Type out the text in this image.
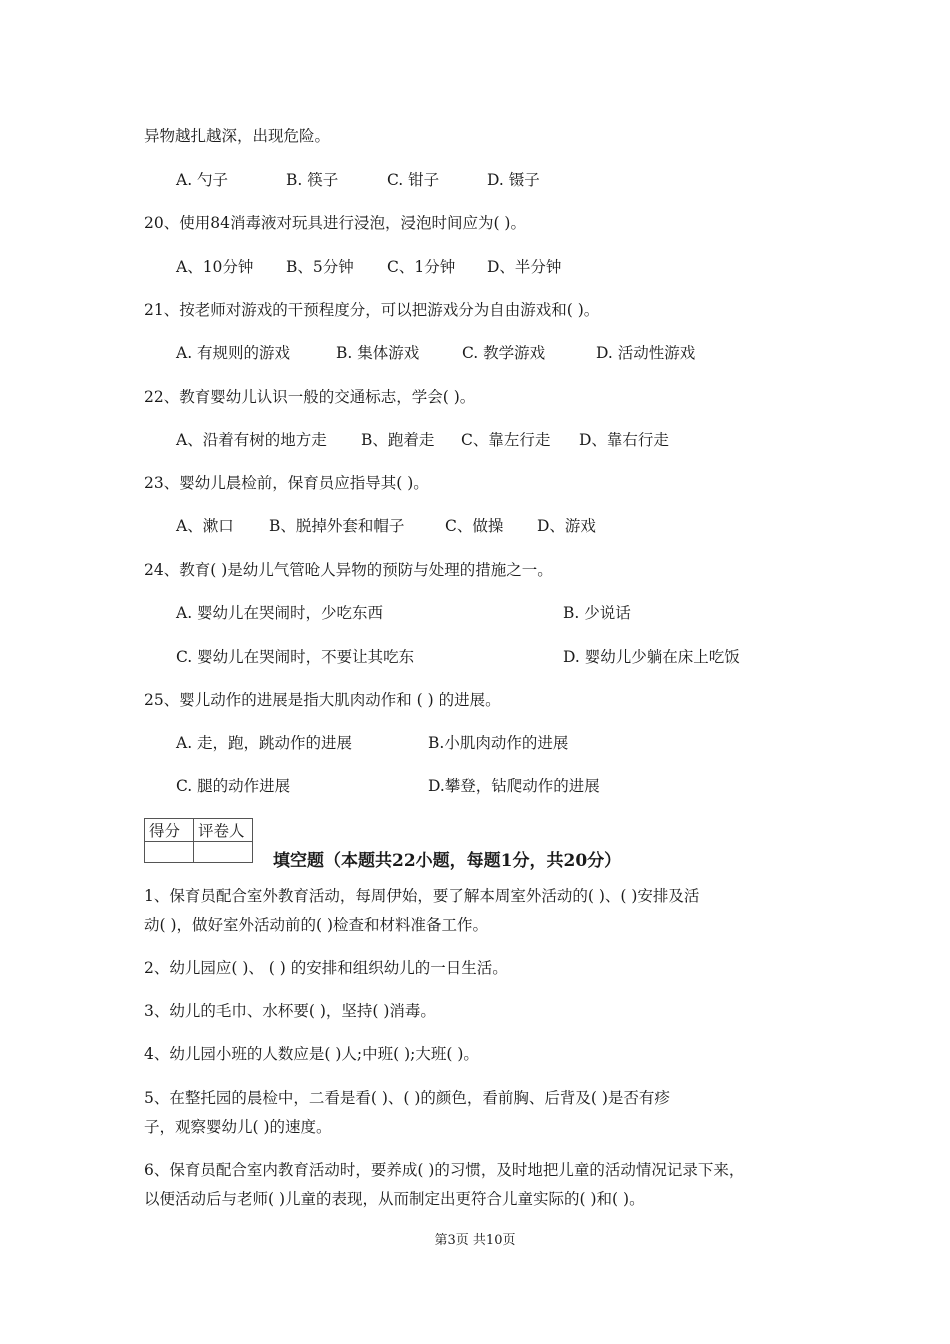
异物越扎越深，出现危险。
A. 勺子	B. 筷子	C. 钳子	D. 镊子
20、使用84消毒液对玩具进行浸泡，浸泡时间应为( )。
A、10分钟 B、5分钟 C、1分钟 D、半分钟
21、按老师对游戏的干预程度分，可以把游戏分为自由游戏和( )。
A. 有规则的游戏	B. 集体游戏	C. 教学游戏	D. 活动性游戏
22、教育婴幼儿认识一般的交通标志，学会( )。
A、沿着有树的地方走 B、跑着走 C、靠左行走 D、靠右行走
23、婴幼儿晨检前，保育员应指导其( )。
A、漱口 B、脱掉外套和帽子	C、做操 D、游戏
24、教育( )是幼儿气管呛人异物的预防与处理的措施之一。
A. 婴幼儿在哭闹时，少吃东西	B. 少说话
C. 婴幼儿在哭闹时，不要让其吃东	D. 婴幼儿少躺在床上吃饭
25、婴儿动作的进展是指大肌肉动作和 ( ) 的进展。
A. 走，跑，跳动作的进展	B.小肌肉动作的进展
C. 腿的动作进展	D.攀登，钻爬动作的进展
得分	评卷人

填空题（本题共22小题，每题1分，共20分）
1、保育员配合室外教育活动，每周伊始，要了解本周室外活动的( )、( )安排及活
动( )，做好室外活动前的( )检查和材料准备工作。
2、幼儿园应( )、 ( ) 的安排和组织幼儿的一日生活。
3、幼儿的毛巾、水杯要( )，坚持( )消毒。
4、幼儿园小班的人数应是( )人;中班( );大班( )。
5、在整托园的晨检中，二看是看( )、( )的颜色，看前胸、后背及( )是否有疹
子，观察婴幼儿( )的速度。
6、保育员配合室内教育活动时，要养成( )的习惯，及时地把儿童的活动情况记录下来，
以便活动后与老师( )儿童的表现，从而制定出更符合儿童实际的( )和( )。
第3页 共10页
